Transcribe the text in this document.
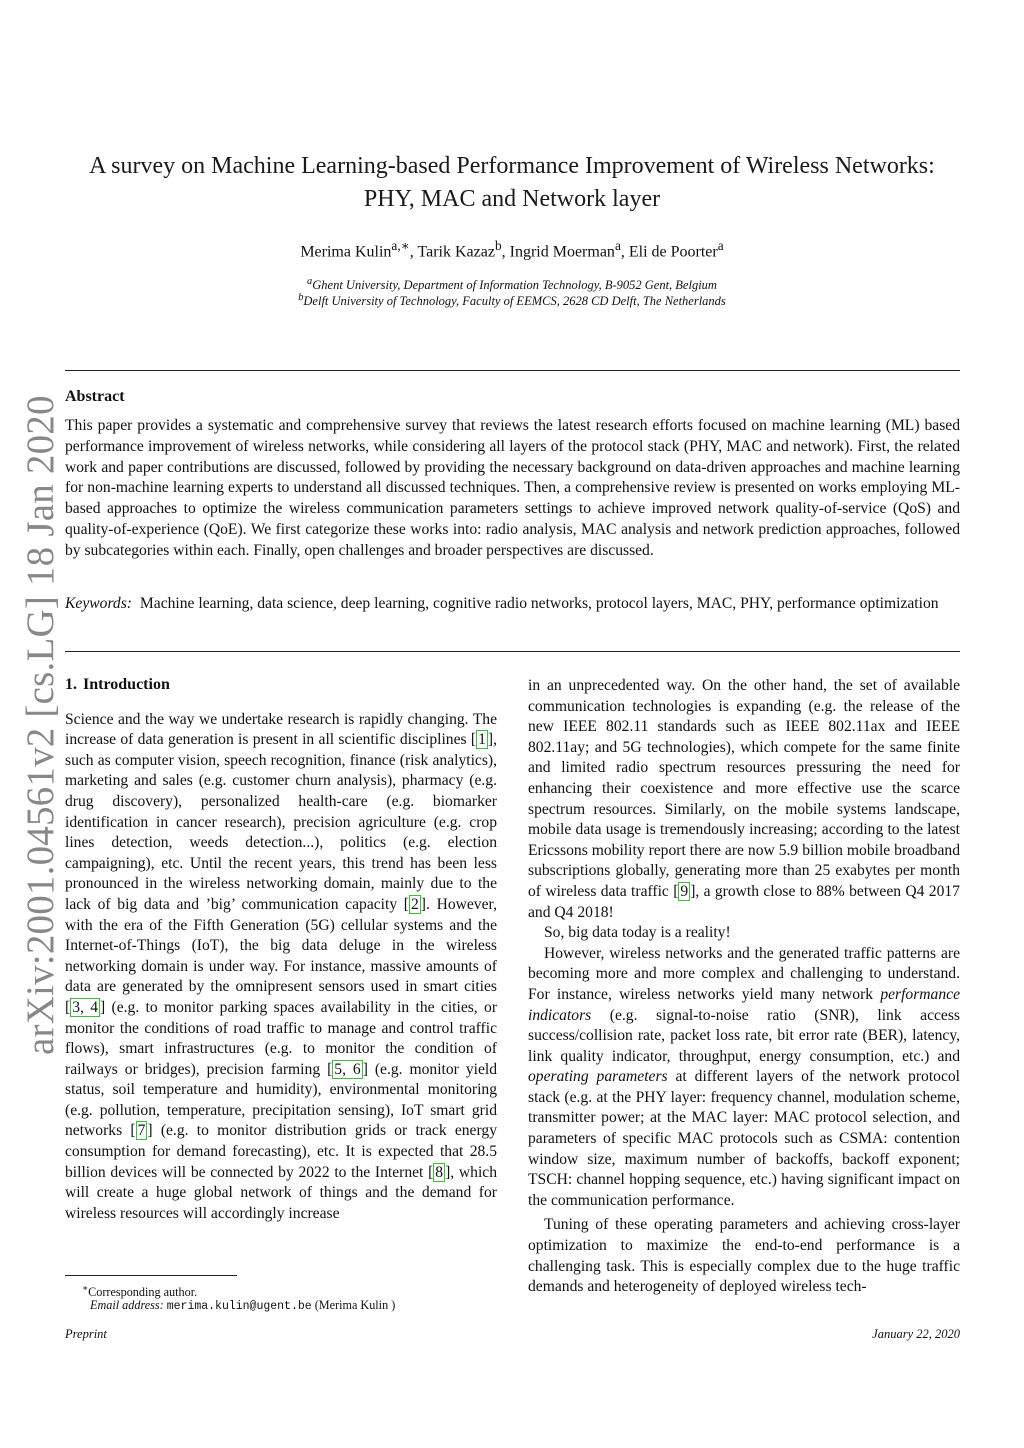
A survey on Machine Learning-based Performance Improvement of Wireless Networks:
PHY, MAC and Network layer
Merima Kulin$^{a,∗}$, Tarik Kazaz$^b$, Ingrid Moerman$^a$, Eli de Poorter$^a$
$^a$Ghent University, Department of Information Technology, B-9052 Gent, Belgium
$^b$Delft University of Technology, Faculty of EEMCS, 2628 CD Delft, The Netherlands
Abstract

This paper provides a systematic and comprehensive survey that reviews the latest research efforts focused on machine learning (ML) based performance improvement of wireless networks, while considering all layers of the protocol stack (PHY, MAC and network). First, the related work and paper contributions are discussed, followed by providing the necessary background on data-driven approaches and machine learning for non-machine learning experts to understand all discussed techniques. Then, a comprehensive review is presented on works employing ML-based approaches to optimize the wireless communication parameters settings to achieve improved network quality-of-service (QoS) and quality-of-experience (QoE). We first categorize these works into: radio analysis, MAC analysis and network prediction approaches, followed by subcategories within each. Finally, open challenges and broader perspectives are discussed.

Keywords: Machine learning, data science, deep learning, cognitive radio networks, protocol layers, MAC, PHY, performance optimization

arXiv:2001.04561v2 [cs.LG] 18 Jan 2020 1. Introduction

Science and the way we undertake research is rapidly changing. The increase of data generation is present in all scientific disciplines [ 1 ], such as computer vision, speech recognition, finance (risk analytics), marketing and sales (e.g. customer churn analysis), pharmacy (e.g. drug discovery), personalized health-care (e.g. biomarker identification in cancer research), precision agriculture (e.g. crop lines detection, weeds detection...), politics (e.g. election campaigning), etc. Until the recent years, this trend has been less pronounced in the wireless networking domain, mainly due to the lack of big data and ’big’ communication capacity [ 2 ]. However, with the era of the Fifth Generation (5G) cellular systems and the Internet-of-Things (IoT), the big data deluge in the wireless networking domain is under way. For instance, massive amounts of data are generated by the omnipresent sensors used in smart cities [ 3, 4 ] (e.g. to monitor parking spaces availability in the cities, or monitor the conditions of road traffic to manage and control traffic flows), smart infrastructures (e.g. to monitor the condition of railways or bridges), precision farming [ 5, 6 ] (e.g. monitor yield status, soil temperature and humidity), environmental monitoring (e.g. pollution, temperature, precipitation sensing), IoT smart grid networks [ 7 ] (e.g. to monitor distribution grids or track energy consumption for demand forecasting), etc. It is expected that 28.5 billion devices will be connected by 2022 to the Internet [ 8 ], which will create a huge global network of things and the demand for wireless resources will accordingly increase

in an unprecedented way. On the other hand, the set of available communication technologies is expanding (e.g. the release of the new IEEE 802.11 standards such as IEEE 802.11ax and IEEE 802.11ay; and 5G technologies), which compete for the same finite and limited radio spectrum resources pressuring the need for enhancing their coexistence and more effective use the scarce spectrum resources. Similarly, on the mobile systems landscape, mobile data usage is tremendously increasing; according to the latest Ericssons mobility report there are now 5.9 billion mobile broadband subscriptions globally, generating more than 25 exabytes per month of wireless data traffic [ 9 ], a growth close to 88% between Q4 2017 and Q4 2018!

So, big data today is a reality!

However, wireless networks and the generated traffic patterns are becoming more and more complex and challenging to understand. For instance, wireless networks yield many network performance indicators (e.g. signal-to-noise ratio (SNR), link access success/collision rate, packet loss rate, bit error rate (BER), latency, link quality indicator, throughput, energy consumption, etc.) and operating parameters at different layers of the network protocol stack (e.g. at the PHY layer: frequency channel, modulation scheme, transmitter power; at the MAC layer: MAC protocol selection, and parameters of specific MAC protocols such as CSMA: contention window size, maximum number of backoffs, backoff exponent; TSCH: channel hopping sequence, etc.) having significant impact on the communication performance.

Tuning of these operating parameters and achieving cross-layer optimization to maximize the end-to-end performance is a challenging task. This is especially complex due to the huge traffic demands and heterogeneity of deployed wireless tech-

∗Corresponding author.
Email address: merima.kulin@ugent.be (Merima Kulin )
Preprint	January 22, 2020
